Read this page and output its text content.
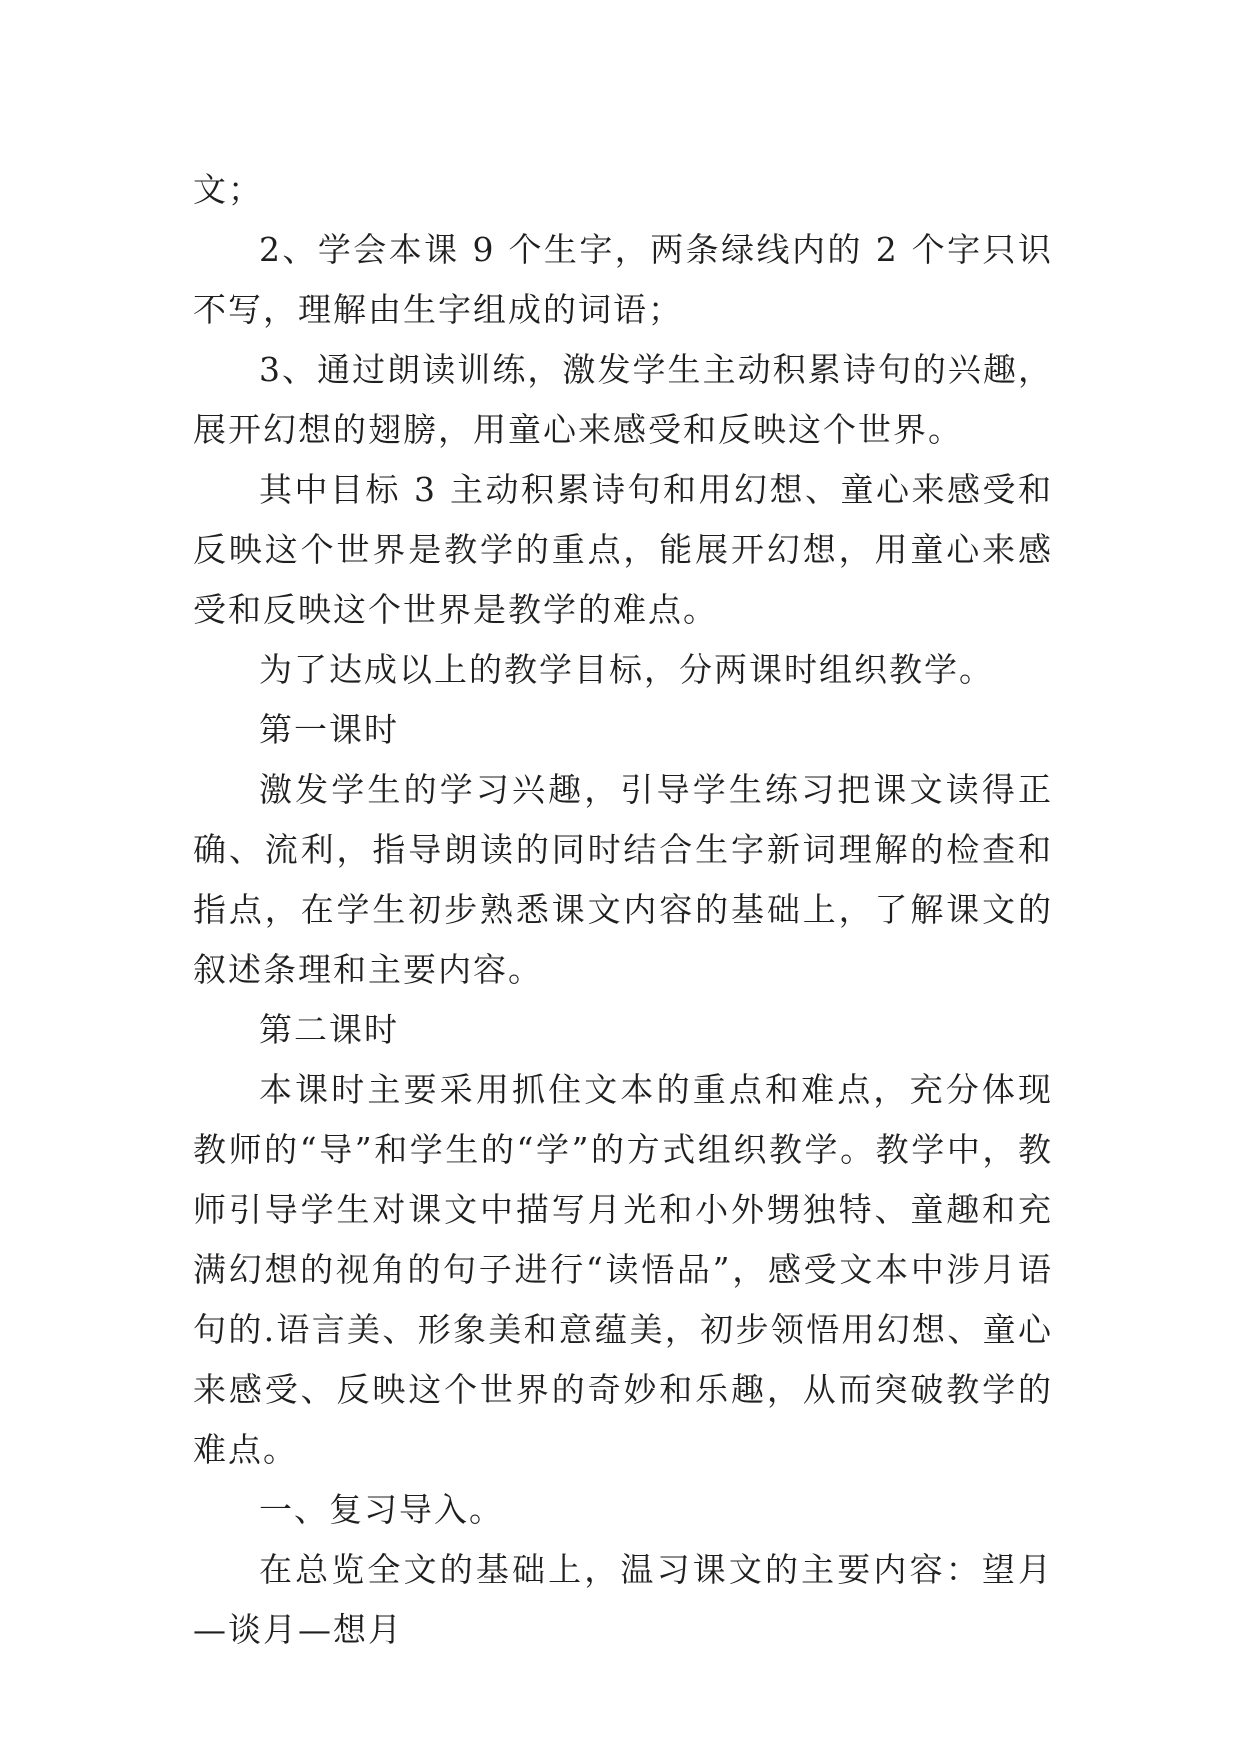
文；

2、学会本课 9 个生字，两条绿线内的 2 个字只识不写，理解由生字组成的词语；

3、通过朗读训练，激发学生主动积累诗句的兴趣，展开幻想的翅膀，用童心来感受和反映这个世界。

其中目标 3 主动积累诗句和用幻想、童心来感受和反映这个世界是教学的重点，能展开幻想，用童心来感受和反映这个世界是教学的难点。

为了达成以上的教学目标，分两课时组织教学。

第一课时

激发学生的学习兴趣，引导学生练习把课文读得正确、流利，指导朗读的同时结合生字新词理解的检查和指点，在学生初步熟悉课文内容的基础上，了解课文的叙述条理和主要内容。

第二课时

本课时主要采用抓住文本的重点和难点，充分体现教师的“导”和学生的“学”的方式组织教学。教学中，教师引导学生对课文中描写月光和小外甥独特、童趣和充满幻想的视角的句子进行“读悟品”，感受文本中涉月语句的.语言美、形象美和意蕴美，初步领悟用幻想、童心来感受、反映这个世界的奇妙和乐趣，从而突破教学的难点。

一、复习导入。

在总览全文的基础上，温习课文的主要内容：望月—谈月—想月
